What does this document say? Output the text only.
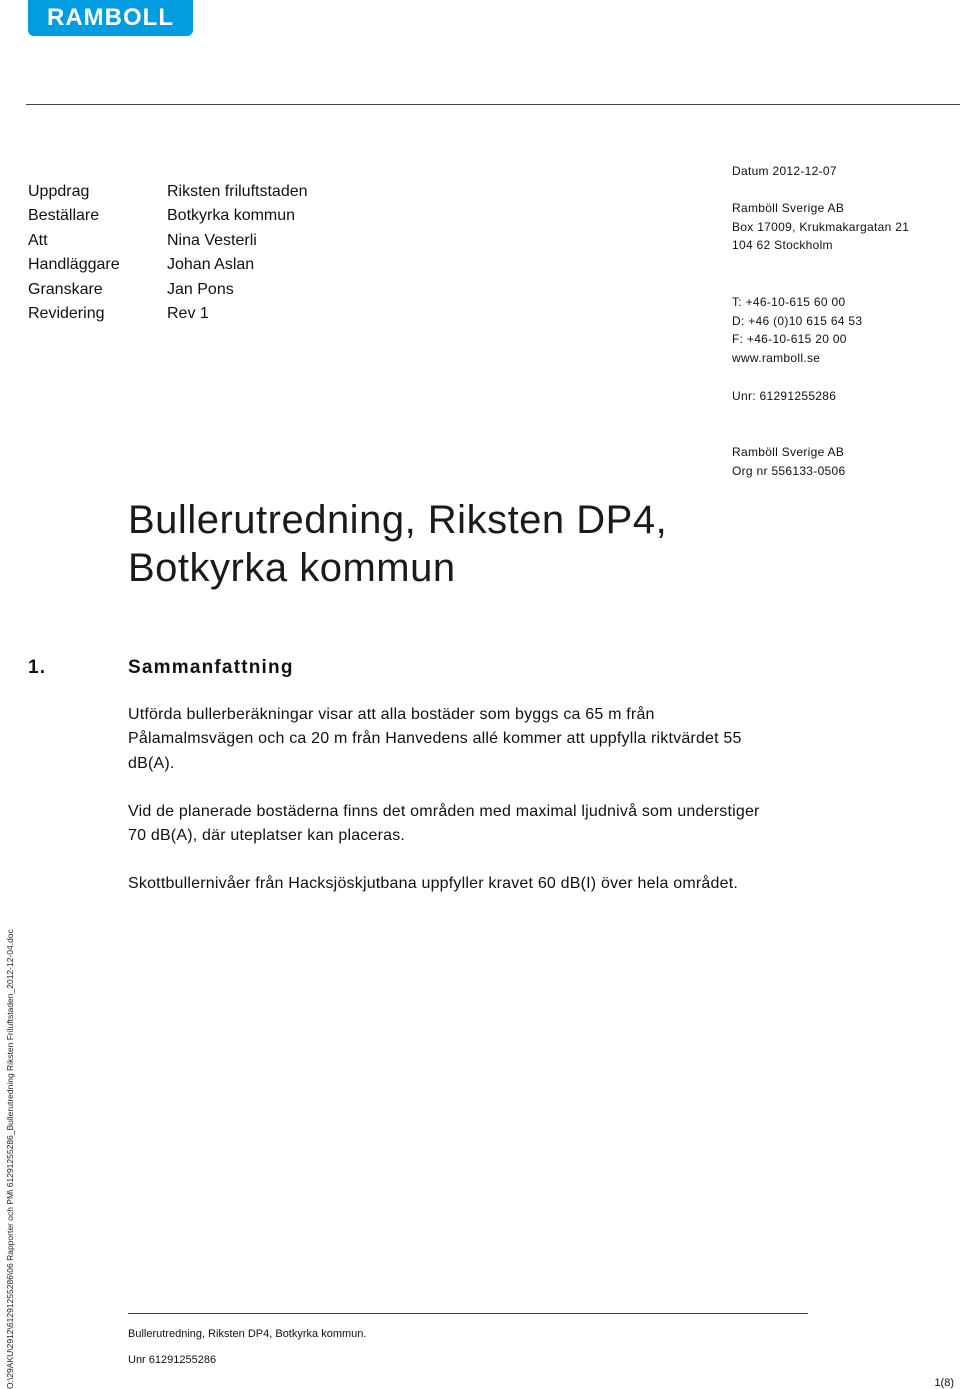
RAMBOLL
Uppdrag	Riksten friluftstaden
Beställare	Botkyrka kommun
Att	Nina Vesterli
Handläggare	Johan Aslan
Granskare	Jan Pons
Revidering	Rev 1
Datum 2012-12-07
Ramböll Sverige AB
Box 17009, Krukmakargatan 21
104 62 Stockholm
T: +46-10-615 60 00
D: +46 (0)10 615 64 53
F: +46-10-615 20 00
www.ramboll.se
Unr: 61291255286
Ramböll Sverige AB
Org nr 556133-0506
Bullerutredning, Riksten DP4,
Botkyrka kommun
1.	Sammanfattning
Utförda bullerberäkningar visar att alla bostäder som byggs ca 65 m från Pålamalmsvägen och ca 20 m från Hanvedens allé kommer att uppfylla riktvärdet 55 dB(A).
Vid de planerade bostäderna finns det områden med maximal ljudnivå som understiger 70 dB(A), där uteplatser kan placeras.
Skottbullernivåer från Hacksjöskjutbana uppfyller kravet 60 dB(I) över hela området.
O:\29AKU\2912\61291255286\06 Rapporter och PM\ 61291255286_Bullerutredning Riksten Friluftstaden_2012-12-04.doc	Bullerutredning, Riksten DP4, Botkyrka kommun.
Unr 61291255286
1(8)
